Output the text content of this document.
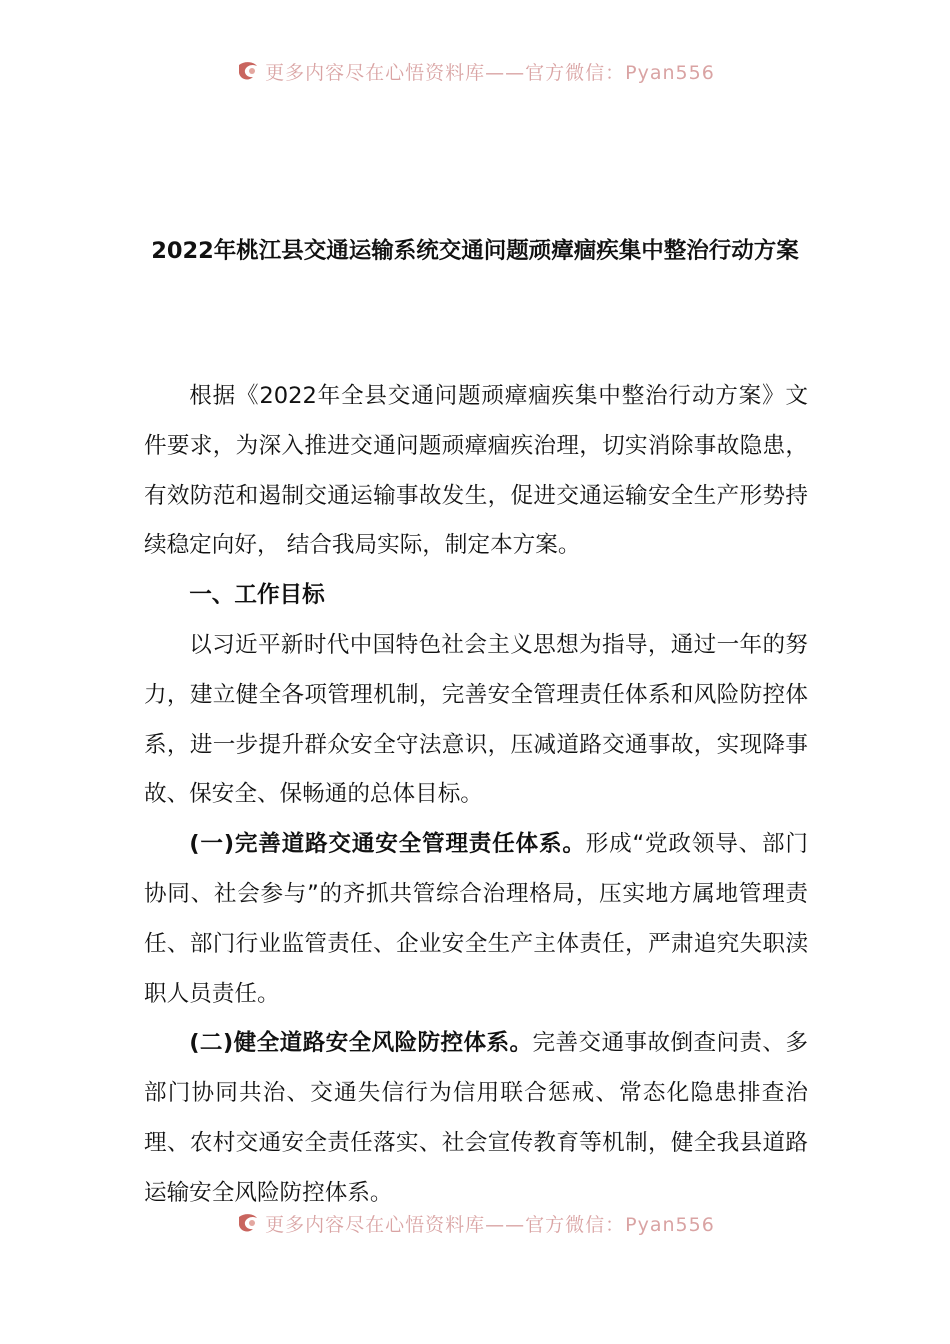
更多内容尽在心悟资料库——官方微信：Pyan556
2022年桃江县交通运输系统交通问题顽瘴痼疾集中整治行动方案

根据《2022年全县交通问题顽瘴痼疾集中整治行动方案》文件要求，为深入推进交通问题顽瘴痼疾治理，切实消除事故隐患，有效防范和遏制交通运输事故发生，促进交通运输安全生产形势持续稳定向好， 结合我局实际，制定本方案。

一、工作目标

以习近平新时代中国特色社会主义思想为指导，通过一年的努力，建立健全各项管理机制，完善安全管理责任体系和风险防控体系，进一步提升群众安全守法意识，压减道路交通事故，实现降事故、保安全、保畅通的总体目标。

(一)完善道路交通安全管理责任体系。形成“党政领导、部门协同、社会参与”的齐抓共管综合治理格局，压实地方属地管理责任、部门行业监管责任、企业安全生产主体责任，严肃追究失职渎职人员责任。

(二)健全道路安全风险防控体系。完善交通事故倒查问责、多部门协同共治、交通失信行为信用联合惩戒、常态化隐患排查治理、农村交通安全责任落实、社会宣传教育等机制，健全我县道路运输安全风险防控体系。

更多内容尽在心悟资料库——官方微信：Pyan556
